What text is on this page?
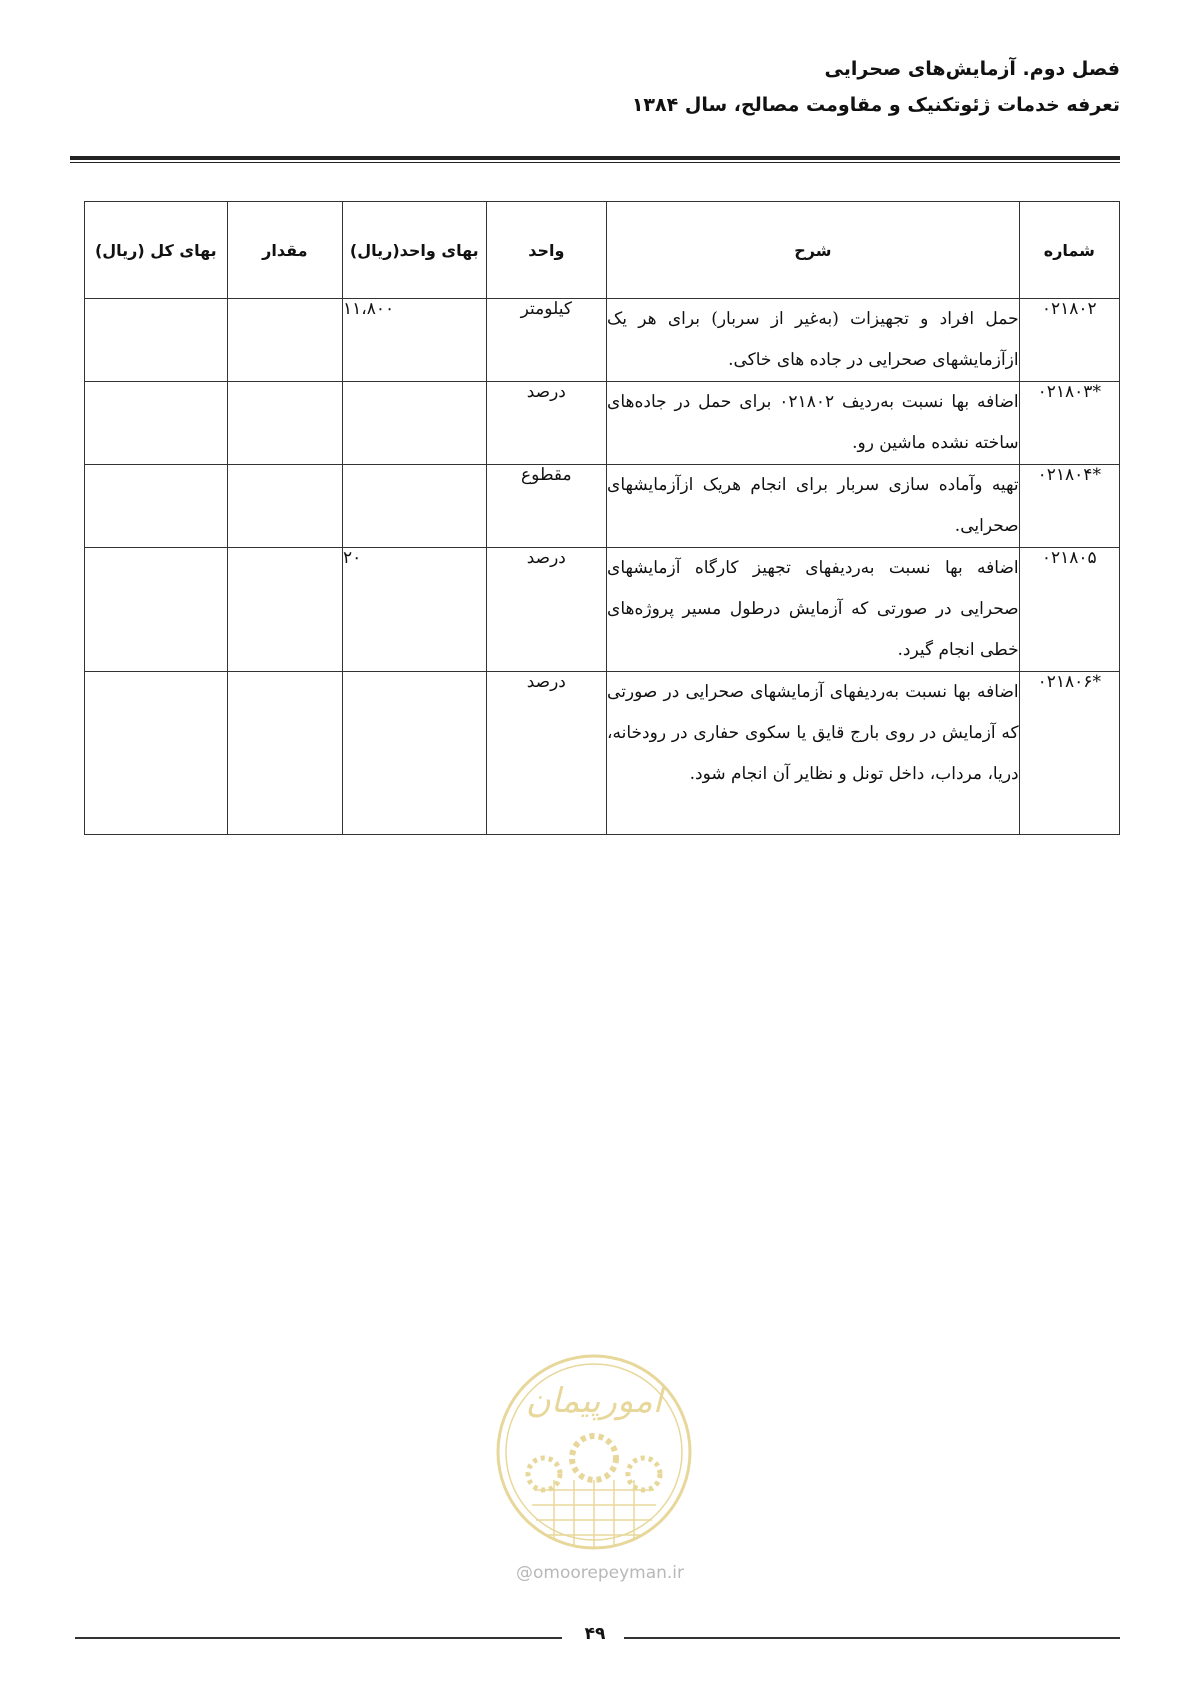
فصل دوم. آزمایش‌های صحرایی

تعرفه خدمات ژئوتکنیک و مقاومت مصالح، سال ۱۳۸۴

شماره	شرح	واحد	بهای واحد(ریال)	مقدار	بهای کل (ریال)
۰۲۱۸۰۲	حمل افراد و تجهیزات (به‌غیر از سربار) برای هر یک ازآزمایشهای صحرایی در جاده های خاکی.	کیلومتر	۱۱،۸۰۰		
*۰۲۱۸۰۳	اضافه بها نسبت به‌ردیف ۰۲۱۸۰۲ برای حمل در جاده‌های ساخته نشده ماشین رو.	درصد			
*۰۲۱۸۰۴	تهیه وآماده سازی سربار برای انجام هریک ازآزمایشهای صحرایی.	مقطوع			
۰۲۱۸۰۵	اضافه بها نسبت به‌ردیفهای تجهیز کارگاه آزمایشهای صحرایی در صورتی که آزمایش درطول مسیر پروژه‌های خطی انجام گیرد.	درصد	۲۰		
*۰۲۱۸۰۶	اضافه بها نسبت به‌ردیفهای آزمایشهای صحرایی در صورتی که آزمایش در روی بارج قایق یا سکوی حفاری در رودخانه، دریا، مرداب، داخل تونل و نظایر آن انجام شود.	درصد			
امورپیمان
@omoorepeyman.ir
۴۹
